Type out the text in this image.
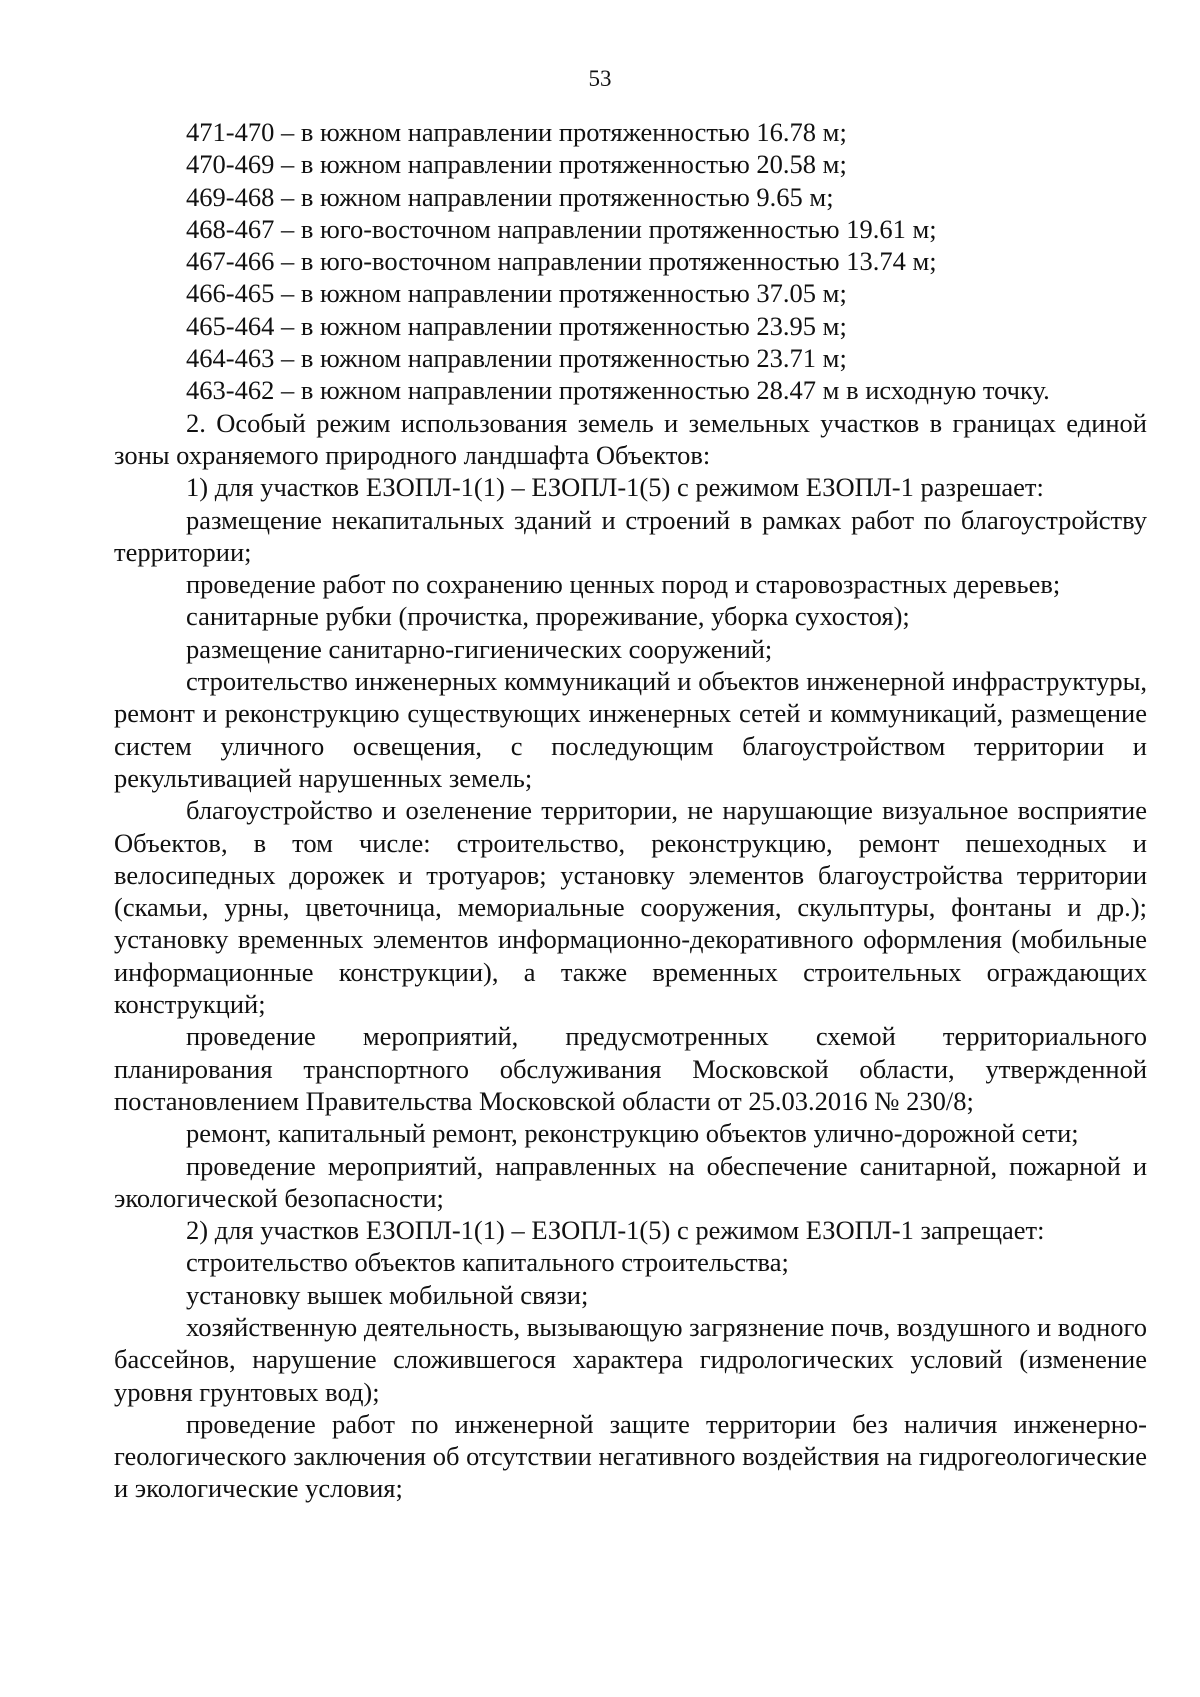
53
471-470 – в южном направлении протяженностью 16.78 м;
470-469 – в южном направлении протяженностью 20.58 м;
469-468 – в южном направлении протяженностью 9.65 м;
468-467 – в юго-восточном направлении протяженностью 19.61 м;
467-466 – в юго-восточном направлении протяженностью 13.74 м;
466-465 – в южном направлении протяженностью 37.05 м;
465-464 – в южном направлении протяженностью 23.95 м;
464-463 – в южном направлении протяженностью 23.71 м;
463-462 – в южном направлении протяженностью 28.47 м в исходную точку.
2. Особый режим использования земель и земельных участков в границах единой зоны охраняемого природного ландшафта Объектов:
1) для участков ЕЗОПЛ-1(1) – ЕЗОПЛ-1(5) с режимом ЕЗОПЛ-1 разрешает:
размещение некапитальных зданий и строений в рамках работ по благоустройству территории;
проведение работ по сохранению ценных пород и старовозрастных деревьев;
санитарные рубки (прочистка, прореживание, уборка сухостоя);
размещение санитарно-гигиенических сооружений;
строительство инженерных коммуникаций и объектов инженерной инфраструктуры, ремонт и реконструкцию существующих инженерных сетей и коммуникаций, размещение систем уличного освещения, с последующим благоустройством территории и рекультивацией нарушенных земель;
благоустройство и озеленение территории, не нарушающие визуальное восприятие Объектов, в том числе: строительство, реконструкцию, ремонт пешеходных и велосипедных дорожек и тротуаров; установку элементов благоустройства территории (скамьи, урны, цветочница, мемориальные сооружения, скульптуры, фонтаны и др.); установку временных элементов информационно-декоративного оформления (мобильные информационные конструкции), а также временных строительных ограждающих конструкций;
проведение мероприятий, предусмотренных схемой территориального планирования транспортного обслуживания Московской области, утвержденной постановлением Правительства Московской области от 25.03.2016 № 230/8;
ремонт, капитальный ремонт, реконструкцию объектов улично-дорожной сети;
проведение мероприятий, направленных на обеспечение санитарной, пожарной и экологической безопасности;
2) для участков ЕЗОПЛ-1(1) – ЕЗОПЛ-1(5) с режимом ЕЗОПЛ-1 запрещает:
строительство объектов капитального строительства;
установку вышек мобильной связи;
хозяйственную деятельность, вызывающую загрязнение почв, воздушного и водного бассейнов, нарушение сложившегося характера гидрологических условий (изменение уровня грунтовых вод);
проведение работ по инженерной защите территории без наличия инженерно-геологического заключения об отсутствии негативного воздействия на гидрогеологические и экологические условия;
